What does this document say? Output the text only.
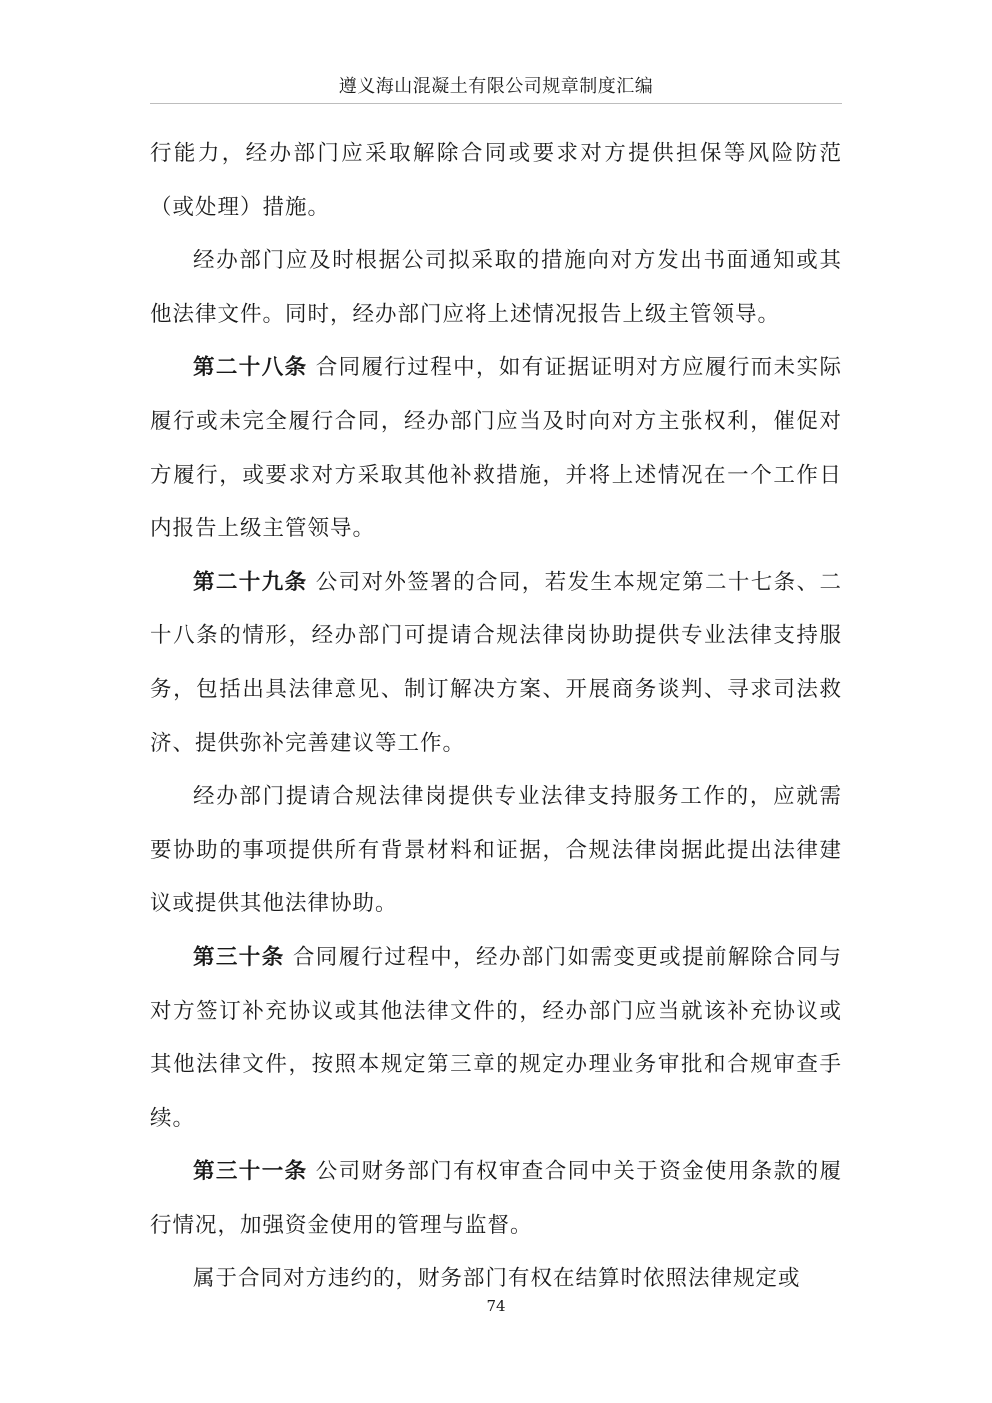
遵义海山混凝土有限公司规章制度汇编

行能力，经办部门应采取解除合同或要求对方提供担保等风险防范（或处理）措施。

经办部门应及时根据公司拟采取的措施向对方发出书面通知或其他法律文件。同时，经办部门应将上述情况报告上级主管领导。

第二十八条 合同履行过程中，如有证据证明对方应履行而未实际履行或未完全履行合同，经办部门应当及时向对方主张权利，催促对方履行，或要求对方采取其他补救措施，并将上述情况在一个工作日内报告上级主管领导。

第二十九条 公司对外签署的合同，若发生本规定第二十七条、二十八条的情形，经办部门可提请合规法律岗协助提供专业法律支持服务，包括出具法律意见、制订解决方案、开展商务谈判、寻求司法救济、提供弥补完善建议等工作。

经办部门提请合规法律岗提供专业法律支持服务工作的，应就需要协助的事项提供所有背景材料和证据，合规法律岗据此提出法律建议或提供其他法律协助。

第三十条 合同履行过程中，经办部门如需变更或提前解除合同与对方签订补充协议或其他法律文件的，经办部门应当就该补充协议或其他法律文件，按照本规定第三章的规定办理业务审批和合规审查手续。

第三十一条 公司财务部门有权审查合同中关于资金使用条款的履行情况，加强资金使用的管理与监督。

属于合同对方违约的，财务部门有权在结算时依照法律规定或

74
